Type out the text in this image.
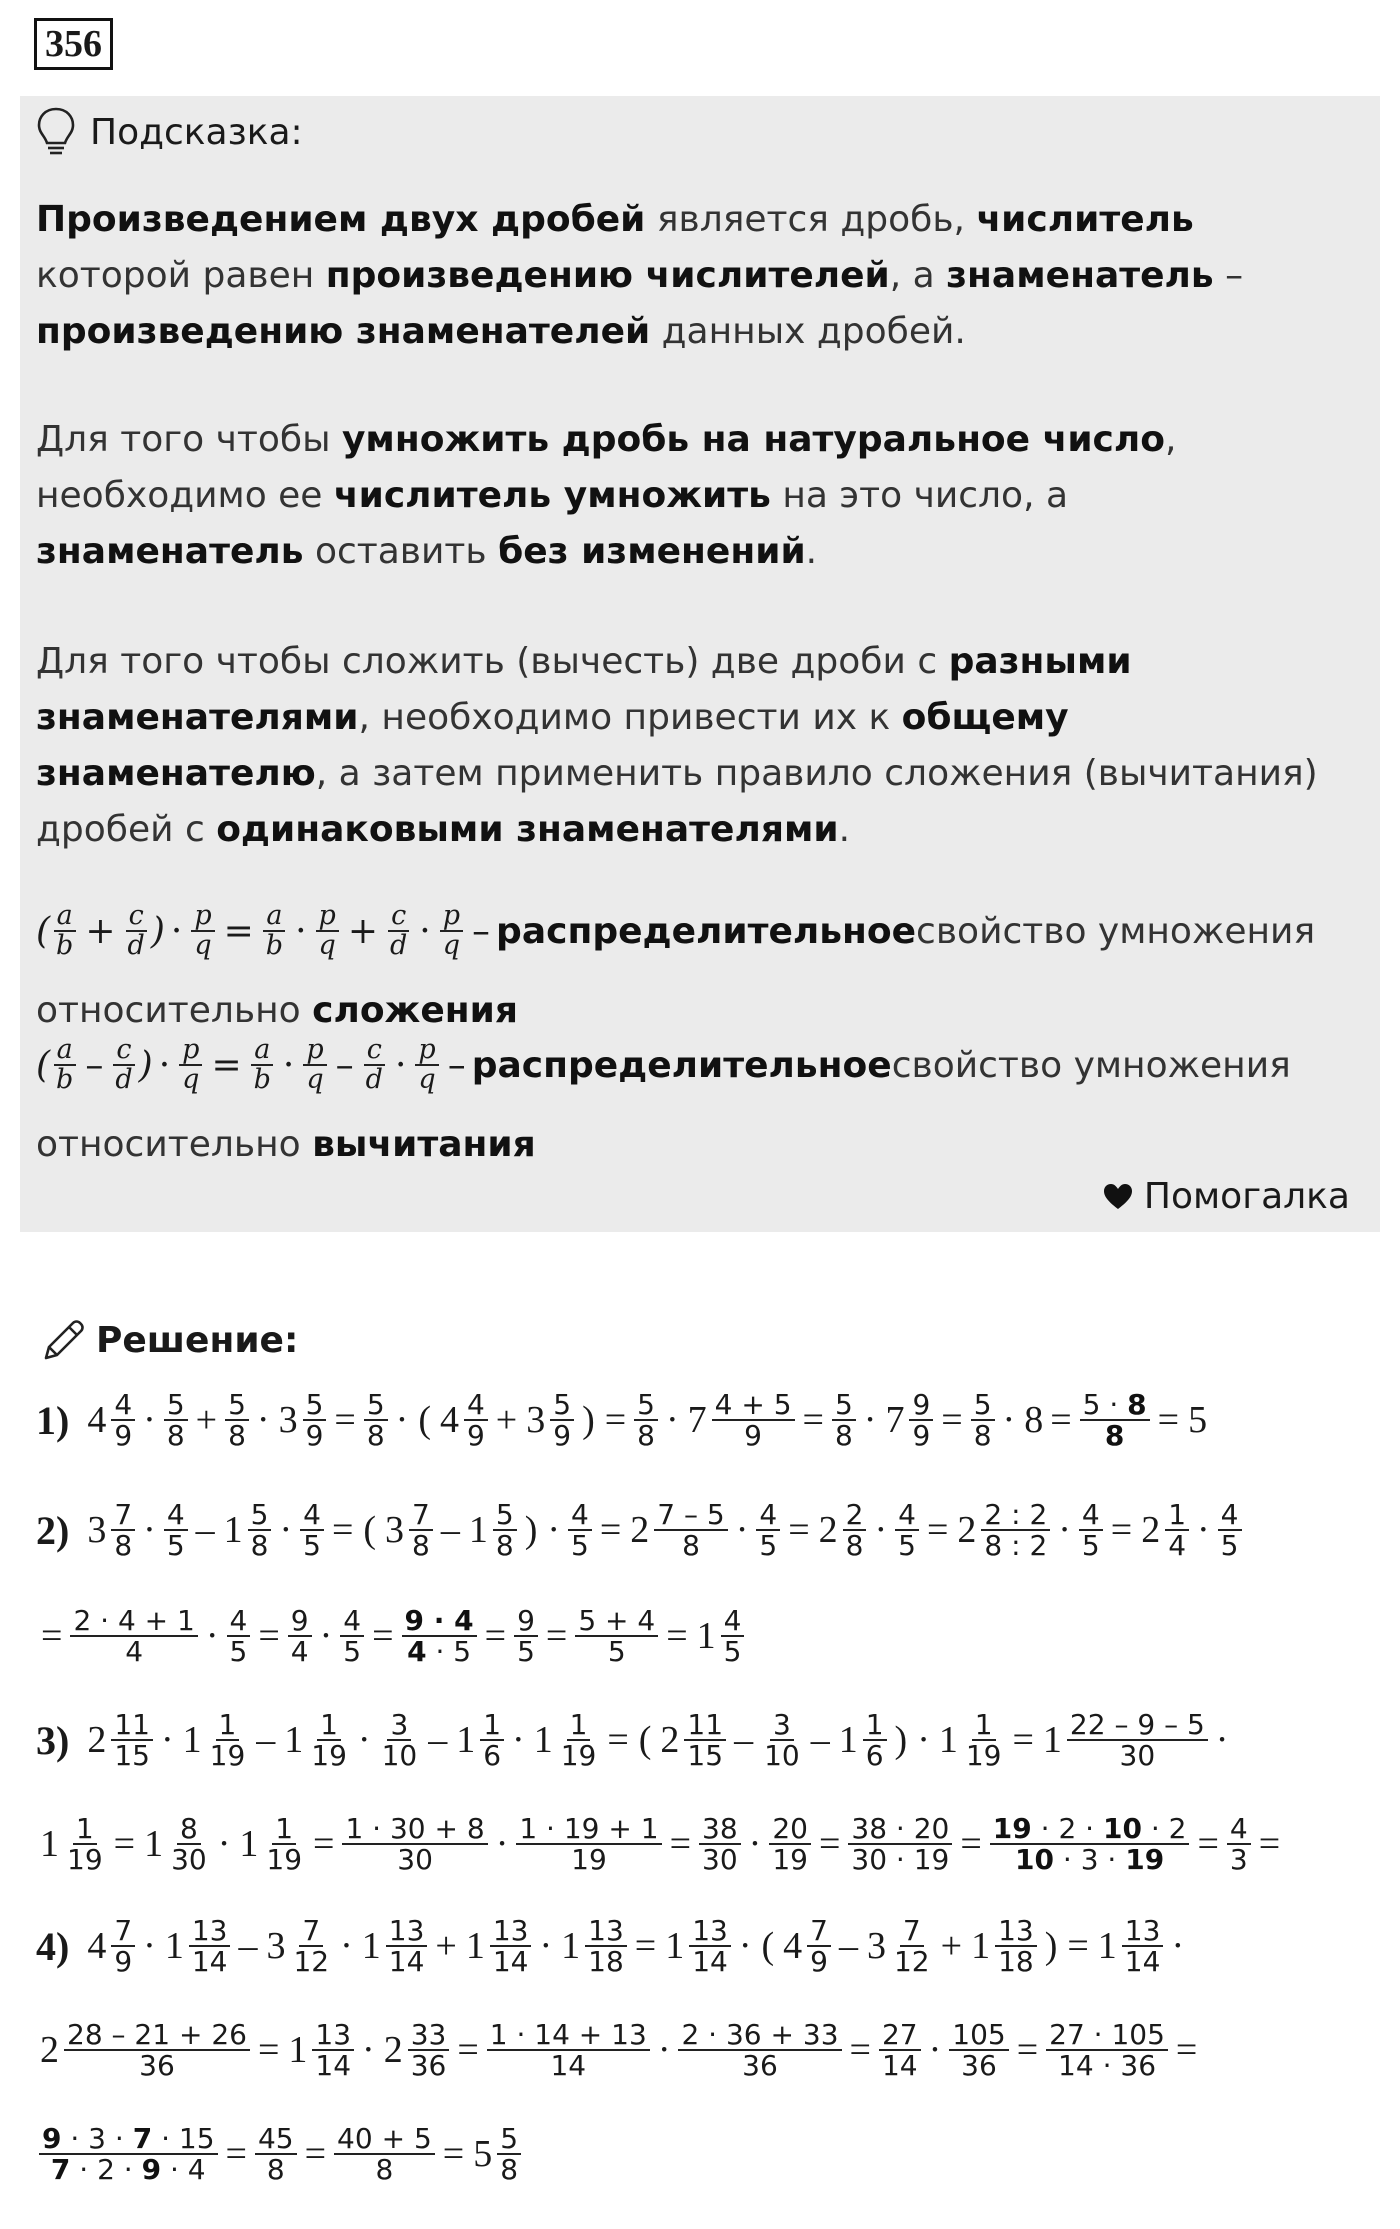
356
Подсказка:
Произведением двух дробей является дробь, числитель которой равен произведению числителей, а знаменатель – произведению знаменателей данных дробей.
Для того чтобы умножить дробь на натуральное число, необходимо ее числитель умножить на это число, а знаменатель оставить без изменений.
Для того чтобы сложить (вычесть) две дроби с разными знаменателями, необходимо привести их к общему знаменателю, а затем применить правило сложения (вычитания) дробей с одинаковыми знаменателями.
( $\frac{a}{b} + \frac{c}{d}$ ) · $\frac{p}{q} = \frac{a}{b} \cdot \frac{p}{q} + \frac{c}{d} \cdot \frac{p}{q}$ – распределительное свойство умножения
относительно сложения
( $\frac{a}{b} - \frac{c}{d}$ ) · $\frac{p}{q} = \frac{a}{b} \cdot \frac{p}{q} - \frac{c}{d} \cdot \frac{p}{q}$ – распределительное свойство умножения
относительно вычитания
Помогалка
Решение:
1) $4 \frac{4}{9} \cdot \frac{5}{8} + \frac{5}{8} \cdot 3 \frac{5}{9} = \frac{5}{8}$ · ( $4 \frac{4}{9} + 3 \frac{5}{9}$ ) = $\frac{5}{8} \cdot 7 \frac{4 + 5}{9} = \frac{5}{8} \cdot 7 \frac{9}{9} = \frac{5}{8} \cdot 8 = \frac{5 \cdot 8}{8} = 5$
2) $3 \frac{7}{8} \cdot \frac{4}{5} - 1 \frac{5}{8} \cdot \frac{4}{5}$ = ( $3 \frac{7}{8} - 1 \frac{5}{8}$ ) · $\frac{4}{5} = 2 \frac{7 - 5}{8} \cdot \frac{4}{5} = 2 \frac{2}{8} \cdot \frac{4}{5} = 2 \frac{2 : 2}{8 : 2} \cdot \frac{4}{5} = 2 \frac{1}{4} \cdot \frac{4}{5}$
= $\frac{2 \cdot 4 + 1}{4} \cdot \frac{4}{5} = \frac{9}{4} \cdot \frac{4}{5} = \frac{9 \cdot 4}{4 \cdot 5} = \frac{9}{5} = \frac{5 + 4}{5} = 1 \frac{4}{5}$
3) $2 \frac{11}{15} \cdot 1 \frac{1}{19} - 1 \frac{1}{19} \cdot \frac{3}{10} - 1 \frac{1}{6} \cdot 1 \frac{1}{19}$ = ( $2 \frac{11}{15} - \frac{3}{10} - 1 \frac{1}{6}$ ) · $1 \frac{1}{19} = 1 \frac{22 - 9 - 5}{30}$ ·
$1 \frac{1}{19} = 1 \frac{8}{30} \cdot 1 \frac{1}{19} = \frac{1 \cdot 30 + 8}{30} \cdot \frac{1 \cdot 19 + 1}{19} = \frac{38}{30} \cdot \frac{20}{19} = \frac{38 \cdot 20}{30 \cdot 19} = \frac{19 \cdot 2 \cdot 10 \cdot 2}{10 \cdot 3 \cdot 19} = \frac{4}{3}$ =
4) $4 \frac{7}{9} \cdot 1 \frac{13}{14} - 3 \frac{7}{12} \cdot 1 \frac{13}{14} + 1 \frac{13}{14} \cdot 1 \frac{13}{18} = 1 \frac{13}{14}$ · ( $4 \frac{7}{9} - 3 \frac{7}{12} + 1 \frac{13}{18}$ ) = $1 \frac{13}{14}$ ·
$2 \frac{28 - 21 + 26}{36} = 1 \frac{13}{14} \cdot 2 \frac{33}{36} = \frac{1 \cdot 14 + 13}{14} \cdot \frac{2 \cdot 36 + 33}{36} = \frac{27}{14} \cdot \frac{105}{36} = \frac{27 \cdot 105}{14 \cdot 36}$ =
$\frac{9 \cdot 3 \cdot 7 \cdot 15}{7 \cdot 2 \cdot 9 \cdot 4} = \frac{45}{8} = \frac{40 + 5}{8} = 5 \frac{5}{8}$
